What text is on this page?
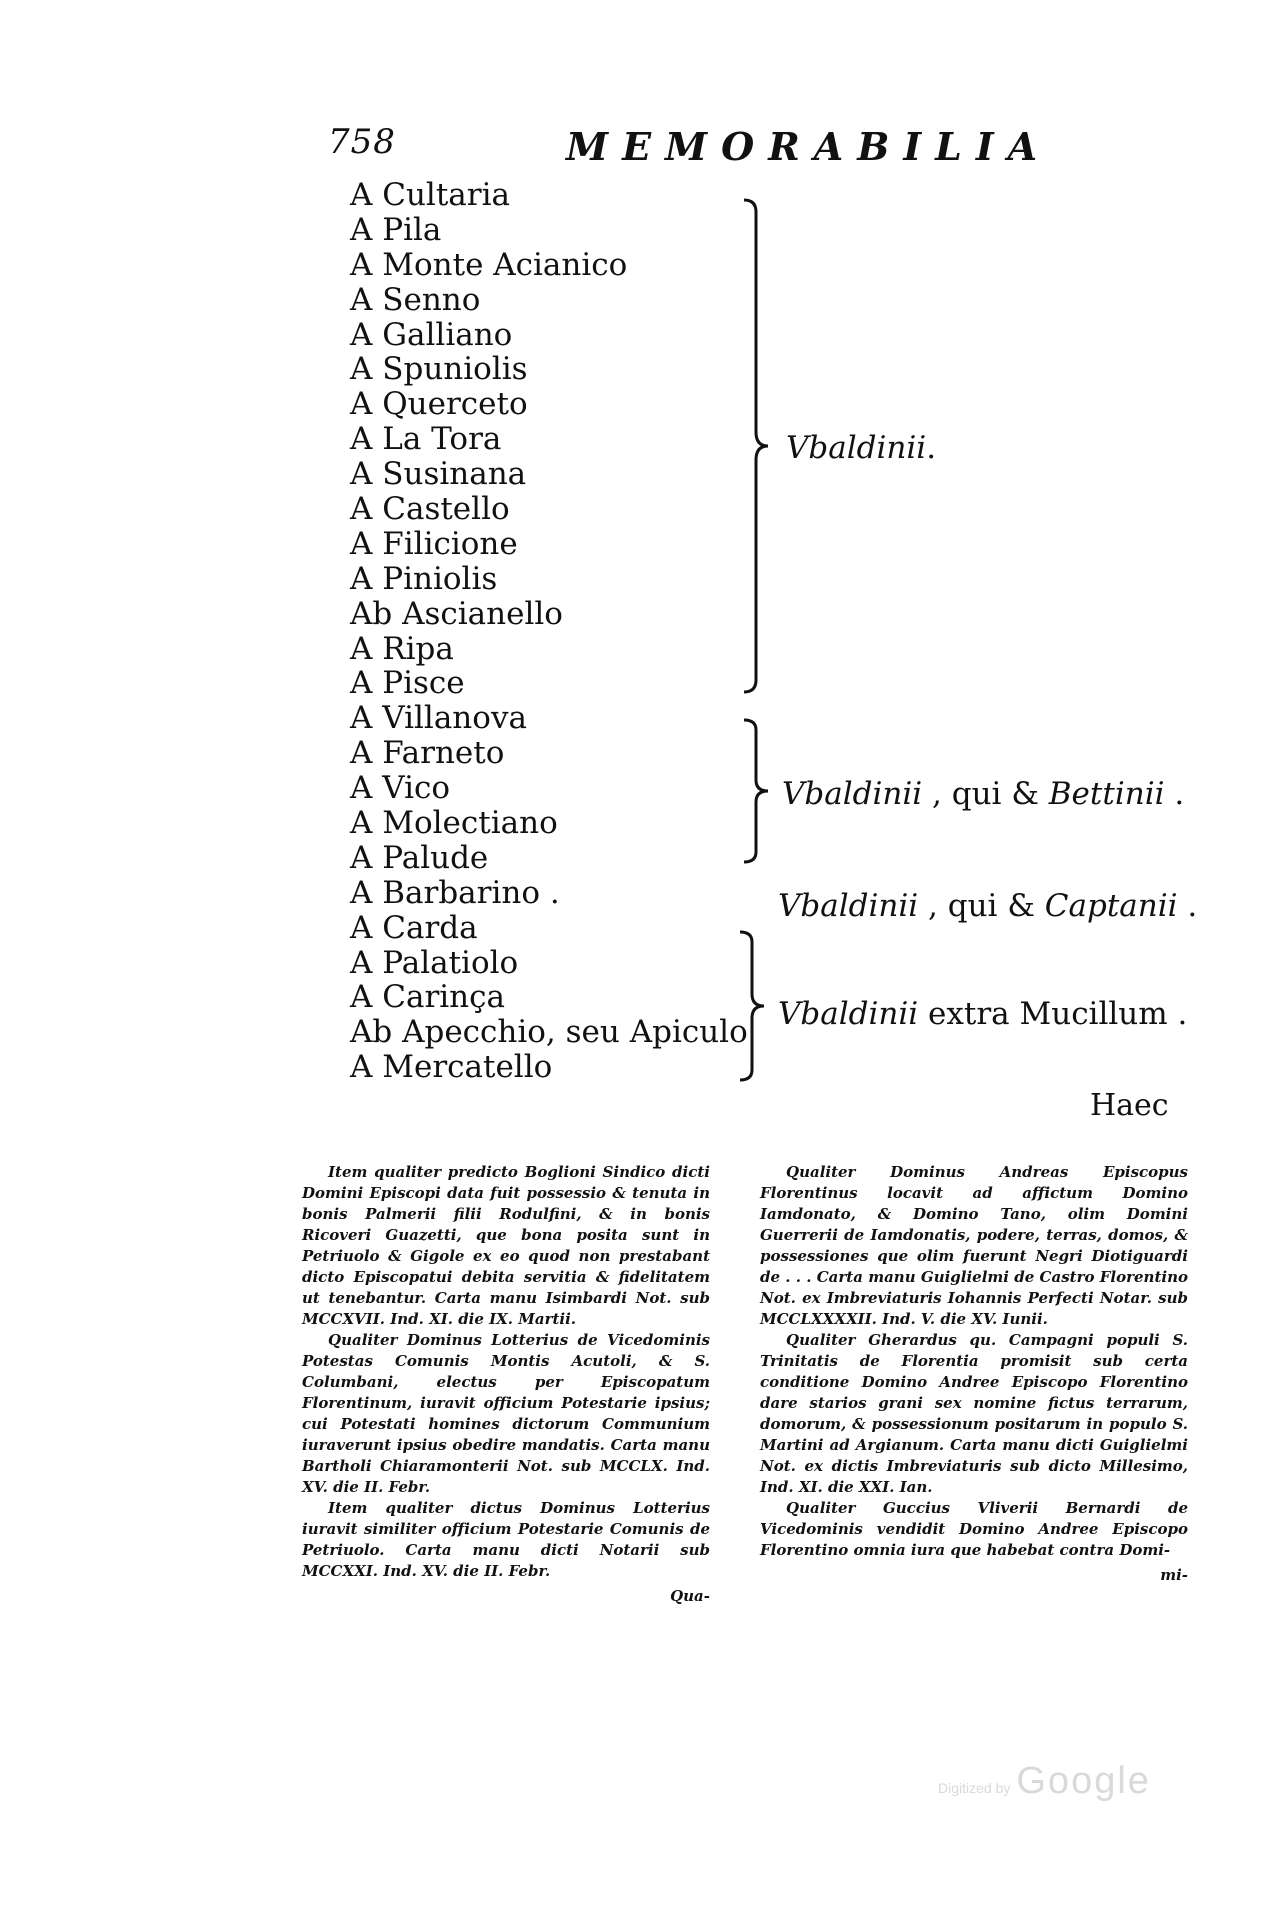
758	MEMORABILIA
A Cultaria
A Pila
A Monte Acianico
A Senno
A Galliano
A Spuniolis
A Querceto
A La Tora
A Susinana
A Castello
A Filicione
A Piniolis
Ab Ascianello
A Ripa
A Pisce
A Villanova
A Farneto
A Vico
A Molectiano
A Palude
A Barbarino .
A Carda
A Palatiolo
A Carinça
Ab Apecchio, seu Apiculo
A Mercatello
Vbaldinii.
Vbaldinii , qui & Bettinii .
Vbaldinii , qui & Captanii .
Vbaldinii extra Mucillum .
Haec

Item qualiter predicto Boglioni Sindico dicti Domini Episcopi data fuit possessio & tenuta in bonis Palmerii filii Rodulfini, & in bonis Ricoveri Guazetti, que bona posita sunt in Petriuolo & Gigole ex eo quod non prestabant dicto Episcopatui debita servitia & fidelitatem ut tenebantur. Carta manu Isimbardi Not. sub MCCXVII. Ind. XI. die IX. Martii.

Qualiter Dominus Lotterius de Vicedominis Potestas Comunis Montis Acutoli, & S. Columbani, electus per Episcopatum Florentinum, iuravit officium Potestarie ipsius; cui Potestati homines dictorum Communium iuraverunt ipsius obedire mandatis. Carta manu Bartholi Chiaramonterii Not. sub MCCLX. Ind. XV. die II. Febr.

Item qualiter dictus Dominus Lotterius iuravit similiter officium Potestarie Comunis de Petriuolo. Carta manu dicti Notarii sub MCCXXI. Ind. XV. die II. Febr.

Qua-

Qualiter Dominus Andreas Episcopus Florentinus locavit ad affictum Domino Iamdonato, & Domino Tano, olim Domini Guerrerii de Iamdonatis, podere, terras, domos, & possessiones que olim fuerunt Negri Diotiguardi de . . . Carta manu Guiglielmi de Castro Florentino Not. ex Imbreviaturis Iohannis Perfecti Notar. sub MCCLXXXXII. Ind. V. die XV. Iunii.

Qualiter Gherardus qu. Campagni populi S. Trinitatis de Florentia promisit sub certa conditione Domino Andree Episcopo Florentino dare starios grani sex nomine fictus terrarum, domorum, & possessionum positarum in populo S. Martini ad Argianum. Carta manu dicti Guiglielmi Not. ex dictis Imbreviaturis sub dicto Millesimo, Ind. XI. die XXI. Ian.

Qualiter Guccius Vliverii Bernardi de Vicedominis vendidit Domino Andree Episcopo Florentino omnia iura que habebat contra Domi-

mi-

Digitized by Google
